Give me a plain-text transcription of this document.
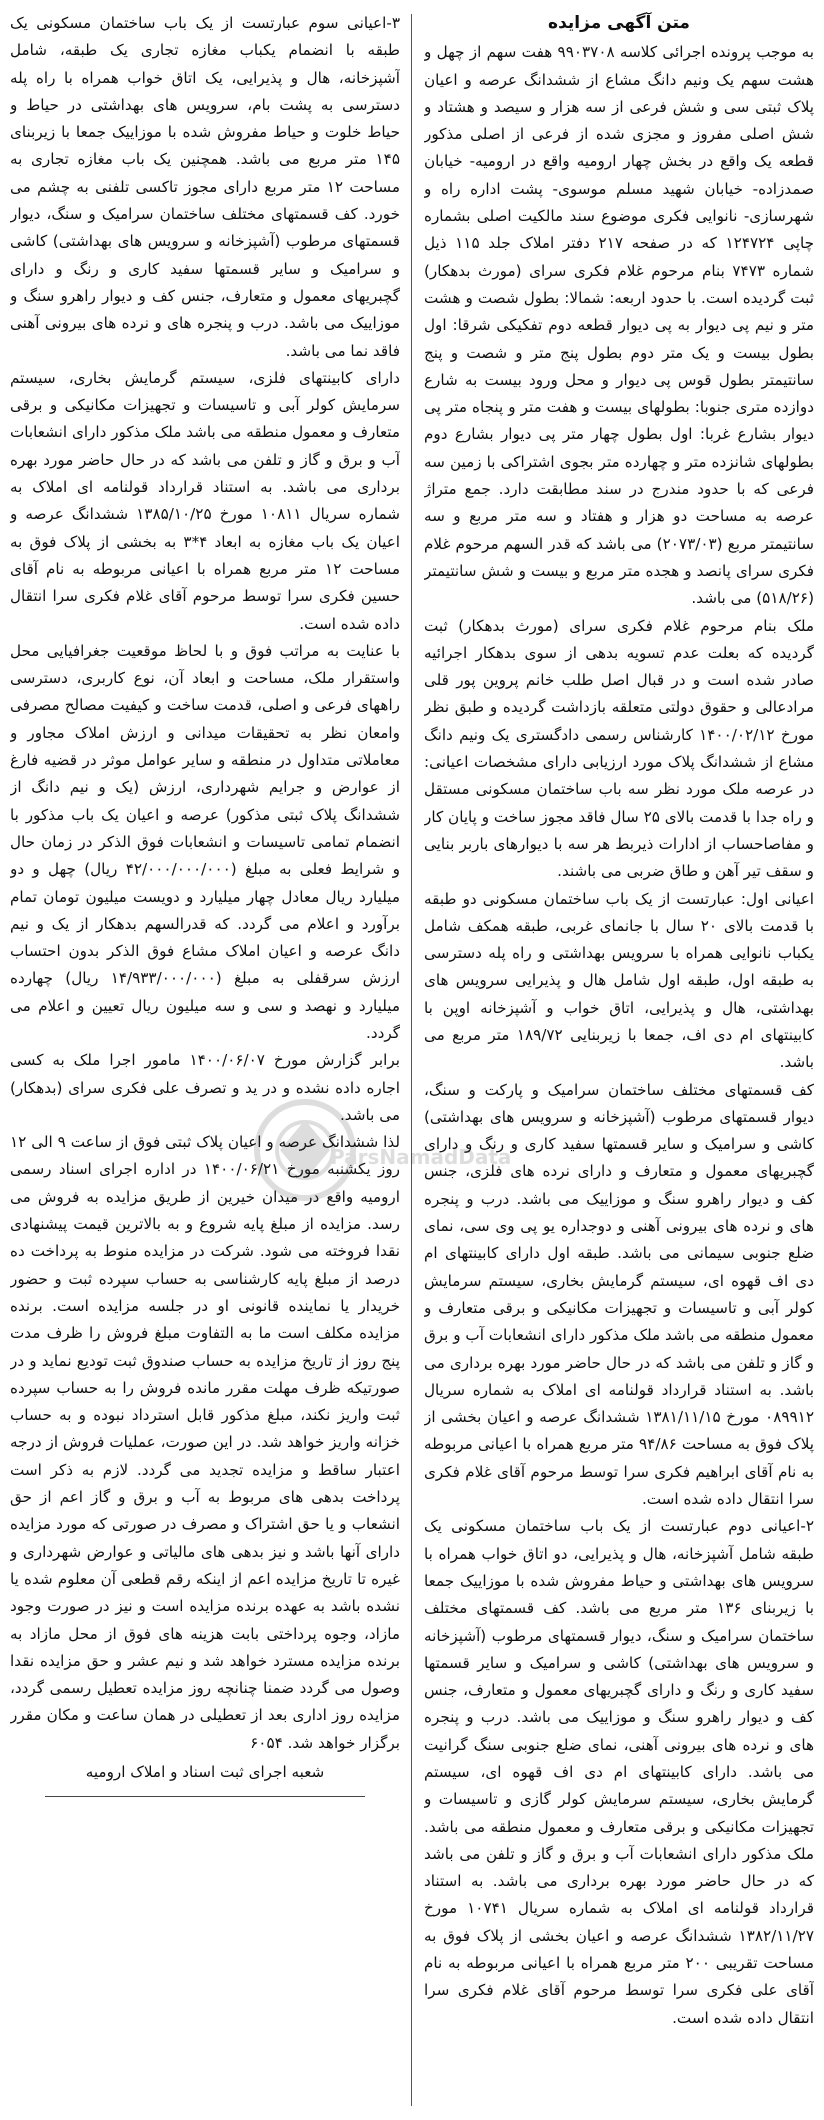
متن آگهی مزایده

به موجب پرونده اجرائی کلاسه ۹۹۰۳۷۰۸ هفت سهم از چهل و هشت سهم یک ونیم دانگ مشاع از ششدانگ عرصه و اعیان پلاک ثبتی سی و شش فرعی از سه هزار و سیصد و هشتاد و شش اصلی مفروز و مجزی شده از فرعی از اصلی مذکور قطعه یک واقع در بخش چهار ارومیه واقع در ارومیه- خیابان صمدزاده- خیابان شهید مسلم موسوی- پشت اداره راه و شهرسازی- نانوایی فکری موضوع سند مالکیت اصلی بشماره چاپی ۱۲۴۷۲۴ که در صفحه ۲۱۷ دفتر املاک جلد ۱۱۵ ذیل شماره ۷۴۷۳ بنام مرحوم غلام فکری سرای (مورث بدهکار) ثبت گردیده است. با حدود اربعه: شمالا: بطول شصت و هشت متر و نیم پی دیوار به پی دیوار قطعه دوم تفکیکی شرقا: اول بطول بیست و یک متر دوم بطول پنج متر و شصت و پنج سانتیمتر بطول قوس پی دیوار و محل ورود بیست به شارع دوازده متری جنوبا: بطولهای بیست و هفت متر و پنجاه متر پی دیوار بشارع غربا: اول بطول چهار متر پی دیوار بشارع دوم بطولهای شانزده متر و چهارده متر بجوی اشتراکی با زمین سه فرعی که با حدود مندرج در سند مطابقت دارد. جمع متراژ عرصه به مساحت دو هزار و هفتاد و سه متر مربع و سه سانتیمتر مربع (۲۰۷۳/۰۳) می باشد که قدر السهم مرحوم غلام فکری سرای پانصد و هجده متر مربع و بیست و شش سانتیمتر (۵۱۸/۲۶) می باشد.

ملک بنام مرحوم غلام فکری سرای (مورث بدهکار) ثبت گردیده که بعلت عدم تسویه بدهی از سوی بدهکار اجرائیه صادر شده است و در قبال اصل طلب خانم پروین پور قلی مرادعالی و حقوق دولتی متعلقه بازداشت گردیده و طبق نظر مورخ ۱۴۰۰/۰۲/۱۲ کارشناس رسمی دادگستری یک ونیم دانگ مشاع از ششدانگ پلاک مورد ارزیابی دارای مشخصات اعیانی: در عرصه ملک مورد نظر سه باب ساختمان مسکونی مستقل و راه جدا با قدمت بالای ۲۵ سال فاقد مجوز ساخت و پایان کار و مفاصاحساب از ادارات ذیربط هر سه با دیوارهای باربر بنایی و سقف تیر آهن و طاق ضربی می باشند.

اعیانی اول: عبارتست از یک باب ساختمان مسکونی دو طبقه با قدمت بالای ۲۰ سال با جانمای غربی، طبقه همکف شامل یکباب نانوایی همراه با سرویس بهداشتی و راه پله دسترسی به طبقه اول، طبقه اول شامل هال و پذیرایی سرویس های بهداشتی، هال و پذیرایی، اتاق خواب و آشپزخانه اوپن با کابینتهای ام دی اف، جمعا با زیربنایی ۱۸۹/۷۲ متر مربع می باشد.

کف قسمتهای مختلف ساختمان سرامیک و پارکت و سنگ، دیوار قسمتهای مرطوب (آشپزخانه و سرویس های بهداشتی) کاشی و سرامیک و سایر قسمتها سفید کاری و رنگ و دارای گچبریهای معمول و متعارف و دارای نرده های فلزی، جنس کف و دیوار راهرو سنگ و موزاییک می باشد. درب و پنجره های و نرده های بیرونی آهنی و دوجداره یو پی وی سی، نمای ضلع جنوبی سیمانی می باشد. طبقه اول دارای کابینتهای ام دی اف قهوه ای، سیستم گرمایش بخاری، سیستم سرمایش کولر آبی و تاسیسات و تجهیزات مکانیکی و برقی متعارف و معمول منطقه می باشد ملک مذکور دارای انشعابات آب و برق و گاز و تلفن می باشد که در حال حاضر مورد بهره برداری می باشد. به استناد قرارداد قولنامه ای املاک به شماره سریال ۰۸۹۹۱۲ مورخ ۱۳۸۱/۱۱/۱۵ ششدانگ عرصه و اعیان بخشی از پلاک فوق به مساحت ۹۴/۸۶ متر مربع همراه با اعیانی مربوطه به نام آقای ابراهیم فکری سرا توسط مرحوم آقای غلام فکری سرا انتقال داده شده است.

۲-اعیانی دوم عبارتست از یک باب ساختمان مسکونی یک طبقه شامل آشپزخانه، هال و پذیرایی، دو اتاق خواب همراه با سرویس های بهداشتی و حیاط مفروش شده با موزاییک جمعا با زیربنای ۱۳۶ متر مربع می باشد. کف قسمتهای مختلف ساختمان سرامیک و سنگ، دیوار قسمتهای مرطوب (آشپزخانه و سرویس های بهداشتی) کاشی و سرامیک و سایر قسمتها سفید کاری و رنگ و دارای گچبریهای معمول و متعارف، جنس کف و دیوار راهرو سنگ و موزاییک می باشد. درب و پنجره های و نرده های بیرونی آهنی، نمای ضلع جنوبی سنگ گرانیت می باشد. دارای کابینتهای ام دی اف قهوه ای، سیستم گرمایش بخاری، سیستم سرمایش کولر گازی و تاسیسات و تجهیزات مکانیکی و برقی متعارف و معمول منطقه می باشد. ملک مذکور دارای انشعابات آب و برق و گاز و تلفن می باشد که در حال حاضر مورد بهره برداری می باشد. به استناد قرارداد قولنامه ای املاک به شماره سریال ۱۰۷۴۱ مورخ ۱۳۸۲/۱۱/۲۷ ششدانگ عرصه و اعیان بخشی از پلاک فوق به مساحت تقریبی ۲۰۰ متر مربع همراه با اعیانی مربوطه به نام آقای علی فکری سرا توسط مرحوم آقای غلام فکری سرا انتقال داده شده است.

۳-اعیانی سوم عبارتست از یک باب ساختمان مسکونی یک طبقه با انضمام یکباب مغازه تجاری یک طبقه، شامل آشپزخانه، هال و پذیرایی، یک اتاق خواب همراه با راه پله دسترسی به پشت بام، سرویس های بهداشتی در حیاط و حیاط خلوت و حیاط مفروش شده با موزاییک جمعا با زیربنای ۱۴۵ متر مربع می باشد. همچنین یک باب مغازه تجاری به مساحت ۱۲ متر مربع دارای مجوز تاکسی تلفنی به چشم می خورد. کف قسمتهای مختلف ساختمان سرامیک و سنگ، دیوار قسمتهای مرطوب (آشپزخانه و سرویس های بهداشتی) کاشی و سرامیک و سایر قسمتها سفید کاری و رنگ و دارای گچبریهای معمول و متعارف، جنس کف و دیوار راهرو سنگ و موزاییک می باشد. درب و پنجره های و نرده های بیرونی آهنی فاقد نما می باشد.

دارای کابینتهای فلزی، سیستم گرمایش بخاری، سیستم سرمایش کولر آبی و تاسیسات و تجهیزات مکانیکی و برقی متعارف و معمول منطقه می باشد ملک مذکور دارای انشعابات آب و برق و گاز و تلفن می باشد که در حال حاضر مورد بهره برداری می باشد. به استناد قرارداد قولنامه ای املاک به شماره سریال ۱۰۸۱۱ مورخ ۱۳۸۵/۱۰/۲۵ ششدانگ عرصه و اعیان یک باب مغازه به ابعاد ۴*۳ به بخشی از پلاک فوق به مساحت ۱۲ متر مربع همراه با اعیانی مربوطه به نام آقای حسین فکری سرا توسط مرحوم آقای غلام فکری سرا انتقال داده شده است.

با عنایت به مراتب فوق و با لحاظ موقعیت جغرافیایی محل واستقرار ملک، مساحت و ابعاد آن، نوع کاربری، دسترسی راههای فرعی و اصلی، قدمت ساخت و کیفیت مصالح مصرفی وامعان نظر به تحقیقات میدانی و ارزش املاک مجاور و معاملاتی متداول در منطقه و سایر عوامل موثر در قضیه فارغ از عوارض و جرایم شهرداری، ارزش (یک و نیم دانگ از ششدانگ پلاک ثبتی مذکور) عرصه و اعیان یک باب مذکور با انضمام تمامی تاسیسات و انشعابات فوق الذکر در زمان حال و شرایط فعلی به مبلغ (۴۲/۰۰۰/۰۰۰/۰۰۰ ریال) چهل و دو میلیارد ریال معادل چهار میلیارد و دویست میلیون تومان تمام برآورد و اعلام می گردد. که قدرالسهم بدهکار از یک و نیم دانگ عرصه و اعیان املاک مشاع فوق الذکر بدون احتساب ارزش سرقفلی به مبلغ (۱۴/۹۳۳/۰۰۰/۰۰۰ ریال) چهارده میلیارد و نهصد و سی و سه میلیون ریال تعیین و اعلام می گردد.

برابر گزارش مورخ ۱۴۰۰/۰۶/۰۷ مامور اجرا ملک به کسی اجاره داده نشده و در ید و تصرف علی فکری سرای (بدهکار) می باشد.

لذا ششدانگ عرصه و اعیان پلاک ثبتی فوق از ساعت ۹ الی ۱۲ روز یکشنبه مورخ ۱۴۰۰/۰۶/۲۱ در اداره اجرای اسناد رسمی ارومیه واقع در میدان خیرین از طریق مزایده به فروش می رسد. مزایده از مبلغ پایه شروع و به بالاترین قیمت پیشنهادی نقدا فروخته می شود. شرکت در مزایده منوط به پرداخت ده درصد از مبلغ پایه کارشناسی به حساب سپرده ثبت و حضور خریدار یا نماینده قانونی او در جلسه مزایده است. برنده مزایده مکلف است ما به التفاوت مبلغ فروش را ظرف مدت پنج روز از تاریخ مزایده به حساب صندوق ثبت تودیع نماید و در صورتیکه ظرف مهلت مقرر مانده فروش را به حساب سپرده ثبت واریز نکند، مبلغ مذکور قابل استرداد نبوده و به حساب خزانه واریز خواهد شد. در این صورت، عملیات فروش از درجه اعتبار ساقط و مزایده تجدید می گردد. لازم به ذکر است پرداخت بدهی های مربوط به آب و برق و گاز اعم از حق انشعاب و یا حق اشتراک و مصرف در صورتی که مورد مزایده دارای آنها باشد و نیز بدهی های مالیاتی و عوارض شهرداری و غیره تا تاریخ مزایده اعم از اینکه رقم قطعی آن معلوم شده یا نشده باشد به عهده برنده مزایده است و نیز در صورت وجود مازاد، وجوه پرداختی بابت هزینه های فوق از محل مازاد به برنده مزایده مسترد خواهد شد و نیم عشر و حق مزایده نقدا وصول می گردد ضمنا چنانچه روز مزایده تعطیل رسمی گردد، مزایده روز اداری بعد از تعطیلی در همان ساعت و مکان مقرر برگزار خواهد شد. ۶۰۵۴

شعبه اجرای ثبت اسناد و املاک ارومیه
ParsNamadData
